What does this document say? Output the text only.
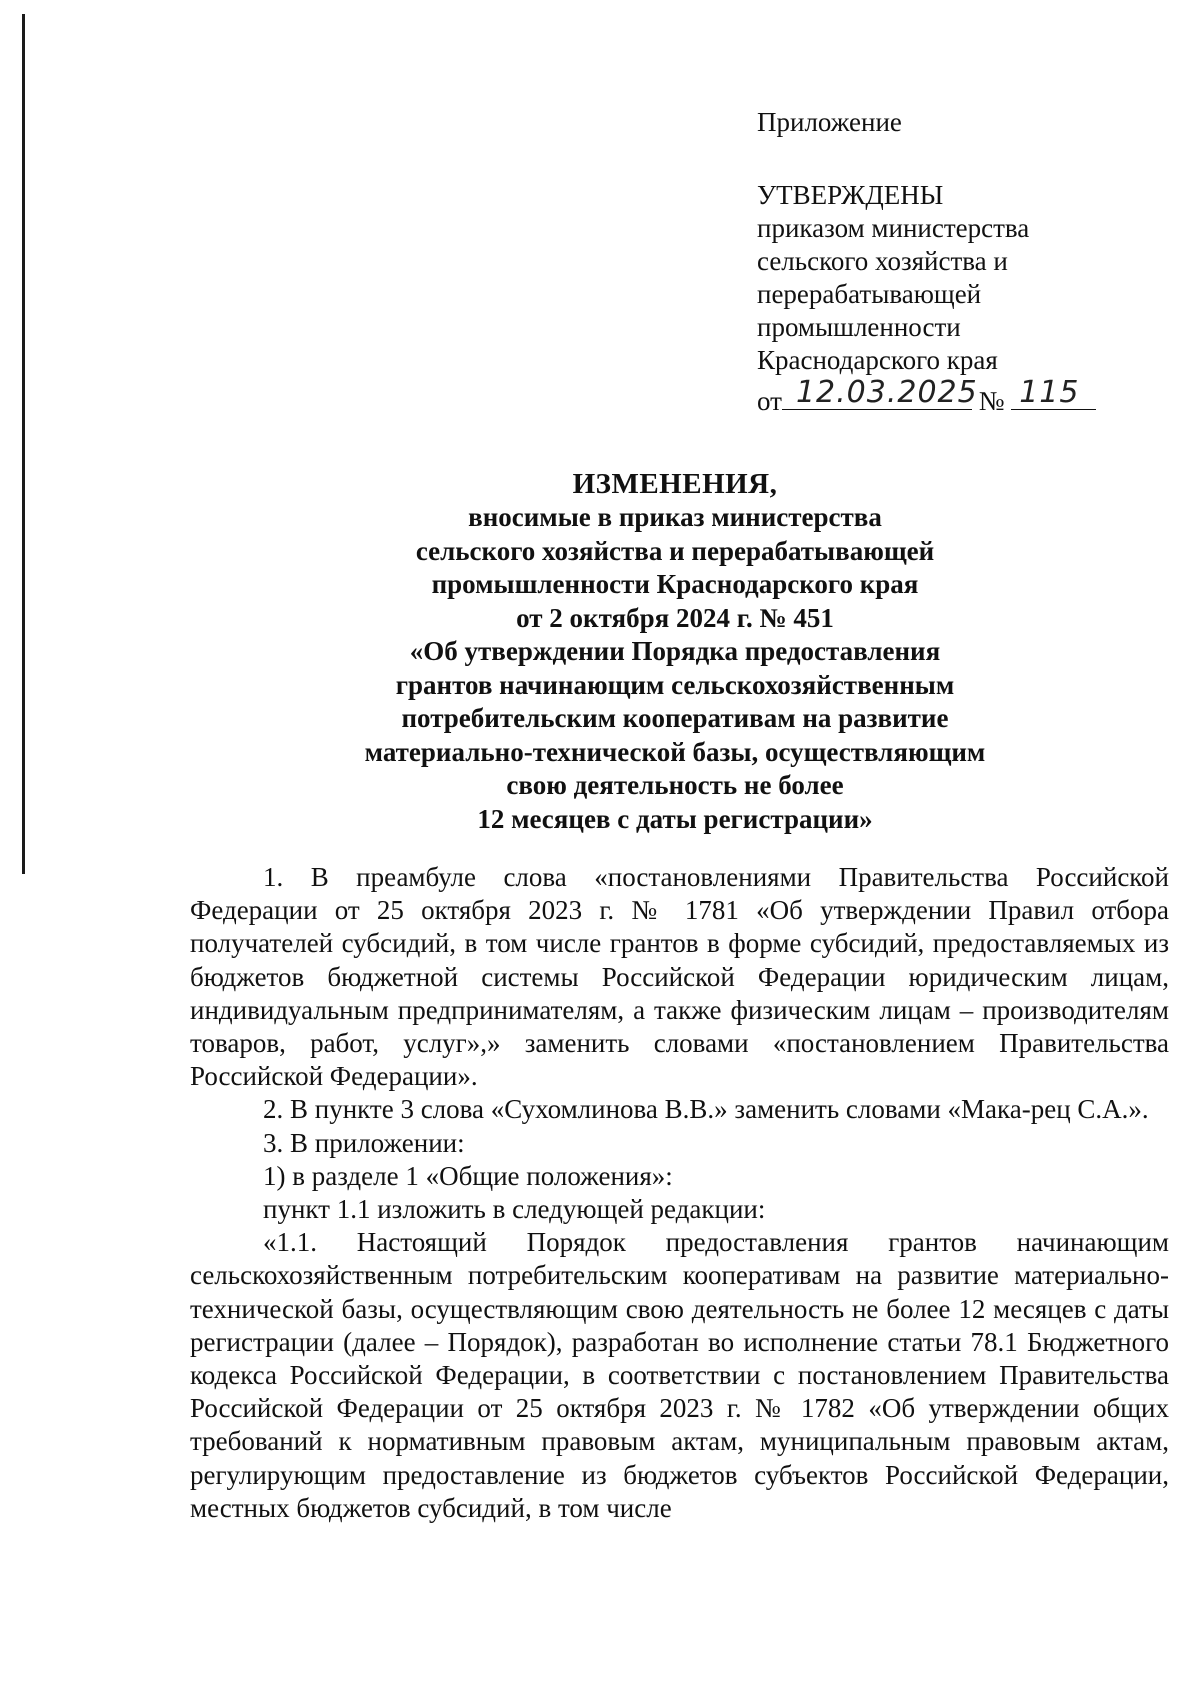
Приложение
УТВЕРЖДЕНЫ
приказом министерства
сельского хозяйства и
перерабатывающей
промышленности
Краснодарского края
от 12.03.2025 № 115
ИЗМЕНЕНИЯ,
вносимые в приказ министерства
сельского хозяйства и перерабатывающей
промышленности Краснодарского края
от 2 октября 2024 г. № 451
«Об утверждении Порядка предоставления
грантов начинающим сельскохозяйственным
потребительским кооперативам на развитие
материально-технической базы, осуществляющим
свою деятельность не более
12 месяцев с даты регистрации»

1. В преамбуле слова «постановлениями Правительства Российской Федерации от 25 октября 2023 г. № 1781 «Об утверждении Правил отбора получателей субсидий, в том числе грантов в форме субсидий, предоставляемых из бюджетов бюджетной системы Российской Федерации юридическим лицам, индивидуальным предпринимателям, а также физическим лицам – производителям товаров, работ, услуг»,» заменить словами «постановлением Правительства Российской Федерации».

2. В пункте 3 слова «Сухомлинова В.В.» заменить словами «Мака-рец С.А.».

3. В приложении:

1) в разделе 1 «Общие положения»:

пункт 1.1 изложить в следующей редакции:

«1.1. Настоящий Порядок предоставления грантов начинающим сельскохозяйственным потребительским кооперативам на развитие материально-технической базы, осуществляющим свою деятельность не более 12 месяцев с даты регистрации (далее – Порядок), разработан во исполнение статьи 78.1 Бюджетного кодекса Российской Федерации, в соответствии с постановлением Правительства Российской Федерации от 25 октября 2023 г. № 1782 «Об утверждении общих требований к нормативным правовым актам, муниципальным правовым актам, регулирующим предоставление из бюджетов субъектов Российской Федерации, местных бюджетов субсидий, в том числе
